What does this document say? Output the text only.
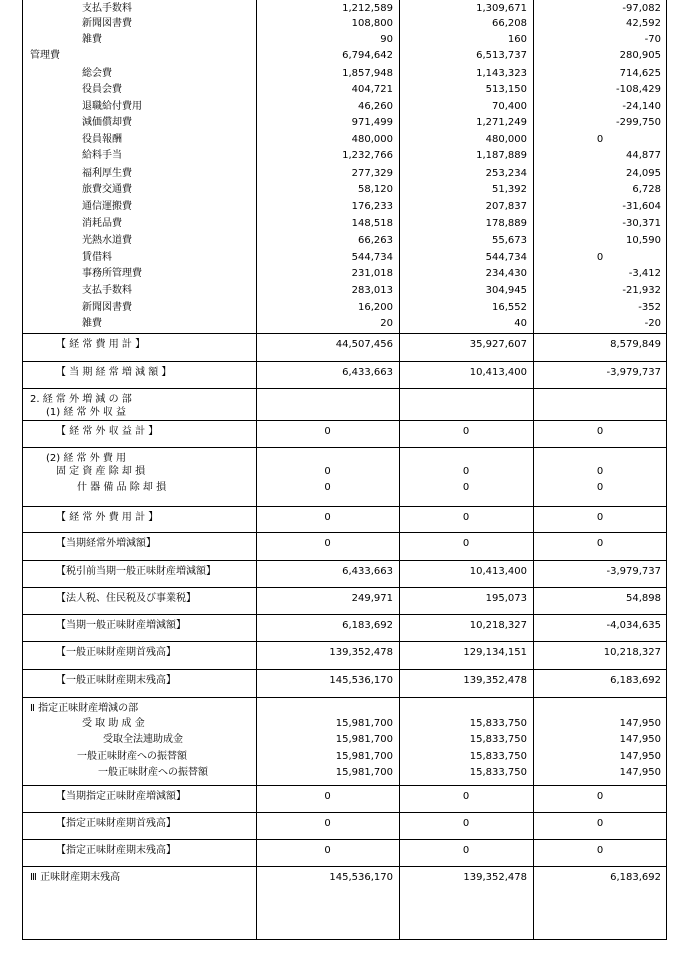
支払手数料	1,212,589	1,309,671	-97,082
新聞図書費	108,800	66,208	42,592
雑費	90	160	-70
管理費	6,794,642	6,513,737	280,905
総会費	1,857,948	1,143,323	714,625
役員会費	404,721	513,150	-108,429
退職給付費用	46,260	70,400	-24,140
減価償却費	971,499	1,271,249	-299,750
役員報酬	480,000	480,000	0
給料手当	1,232,766	1,187,889	44,877
福利厚生費	277,329	253,234	24,095
旅費交通費	58,120	51,392	6,728
通信運搬費	176,233	207,837	-31,604
消耗品費	148,518	178,889	-30,371
光熱水道費	66,263	55,673	10,590
賃借料	544,734	544,734	0
事務所管理費	231,018	234,430	-3,412
支払手数料	283,013	304,945	-21,932
新聞図書費	16,200	16,552	-352
雑費	20	40	-20
【 経 常 費 用 計 】	44,507,456	35,927,607	8,579,849
【 当 期 経 常 増 減 額 】	6,433,663	10,413,400	-3,979,737
2. 経 常 外 増 減 の 部
(1) 経 常 外 収 益
【 経 常 外 収 益 計 】	0	0	0
(2) 経 常 外 費 用
固 定 資 産 除 却 損	0	0	0
什 器 備 品 除 却 損	0	0	0
【 経 常 外 費 用 計 】	0	0	0
【当期経常外増減額】	0	0	0
【税引前当期一般正味財産増減額】	6,433,663	10,413,400	-3,979,737
【法人税、住民税及び事業税】	249,971	195,073	54,898
【当期一般正味財産増減額】	6,183,692	10,218,327	-4,034,635
【一般正味財産期首残高】	139,352,478	129,134,151	10,218,327
【一般正味財産期末残高】	145,536,170	139,352,478	6,183,692
Ⅱ 指定正味財産増減の部
受 取 助 成 金	15,981,700	15,833,750	147,950
受取全法連助成金	15,981,700	15,833,750	147,950
一般正味財産への振替額	15,981,700	15,833,750	147,950
一般正味財産への振替額	15,981,700	15,833,750	147,950
【当期指定正味財産増減額】	0	0	0
【指定正味財産期首残高】	0	0	0
【指定正味財産期末残高】	0	0	0
Ⅲ 正味財産期末残高	145,536,170	139,352,478	6,183,692
